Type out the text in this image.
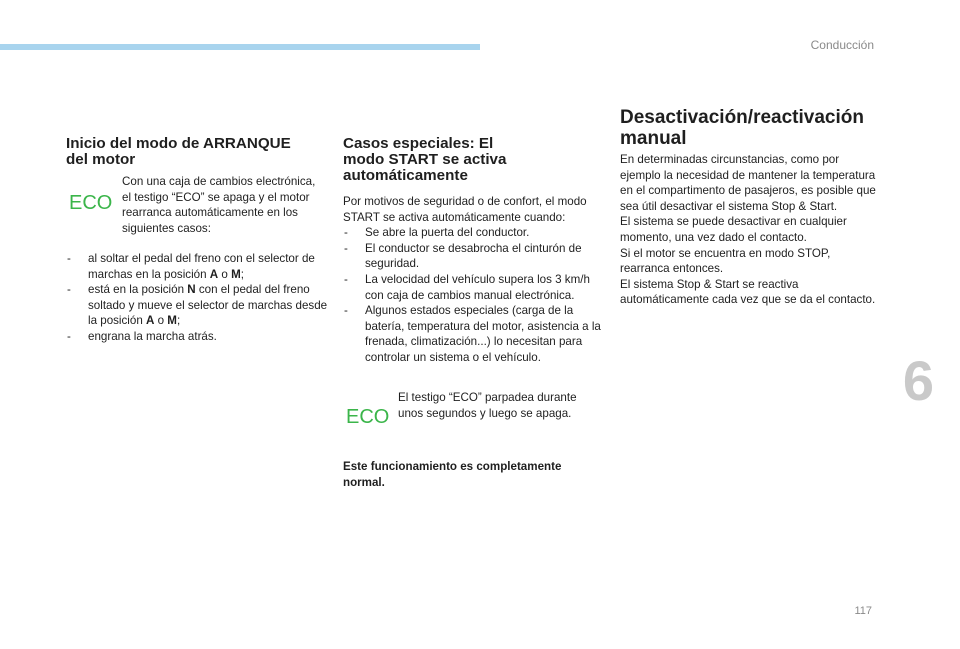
Conducción
6
117
Inicio del modo de ARRANQUE del motor
ECO

Con una caja de cambios electrónica, el testigo “ECO” se apaga y el motor rearranca automáticamente en los siguientes casos:

- al soltar el pedal del freno con el selector de marchas en la posición A o M;
- está en la posición N con el pedal del freno soltado y mueve el selector de marchas desde la posición A o M;
- engrana la marcha atrás.
Casos especiales: El modo START se activa automáticamente

Por motivos de seguridad o de confort, el modo START se activa automáticamente cuando:

- Se abre la puerta del conductor.
- El conductor se desabrocha el cinturón de seguridad.
- La velocidad del vehículo supera los 3 km/h con caja de cambios manual electrónica.
- Algunos estados especiales (carga de la batería, temperatura del motor, asistencia a la frenada, climatización...) lo necesitan para controlar un sistema o el vehículo.
ECO

El testigo “ECO” parpadea durante unos segundos y luego se apaga.

Este funcionamiento es completamente normal.

Desactivación/reactivación manual

En determinadas circunstancias, como por ejemplo la necesidad de mantener la temperatura en el compartimento de pasajeros, es posible que sea útil desactivar el sistema Stop & Start.

El sistema se puede desactivar en cualquier momento, una vez dado el contacto.

Si el motor se encuentra en modo STOP, rearranca entonces.

El sistema Stop & Start se reactiva automáticamente cada vez que se da el contacto.
